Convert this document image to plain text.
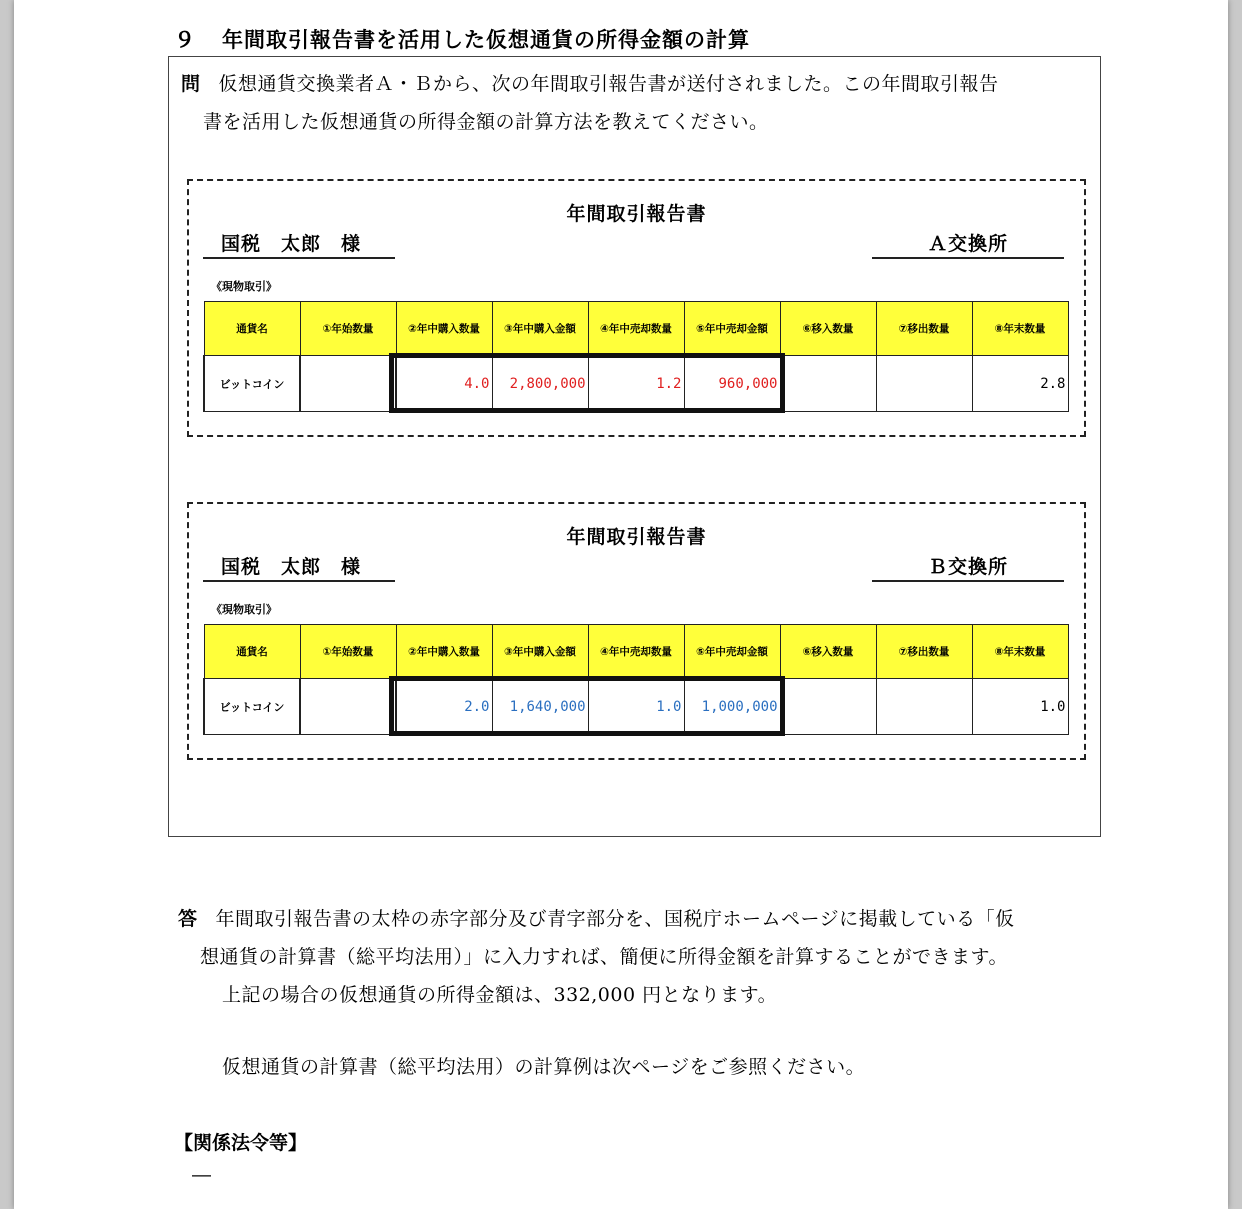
９ 年間取引報告書を活用した仮想通貨の所得金額の計算
問 仮想通貨交換業者Ａ・Ｂから、次の年間取引報告書が送付されました。この年間取引報告
書を活用した仮想通貨の所得金額の計算方法を教えてください。
年間取引報告書
国税　太郎　様	Ａ交換所
《現物取引》
通貨名	①年始数量	②年中購入数量	③年中購入金額	④年中売却数量	⑤年中売却金額	⑥移入数量	⑦移出数量	⑧年末数量
ビットコイン		4.0	2,800,000	1.2	960,000			2.8
年間取引報告書
国税　太郎　様	Ｂ交換所
《現物取引》
通貨名	①年始数量	②年中購入数量	③年中購入金額	④年中売却数量	⑤年中売却金額	⑥移入数量	⑦移出数量	⑧年末数量
ビットコイン		2.0	1,640,000	1.0	1,000,000			1.0
答 年間取引報告書の太枠の赤字部分及び青字部分を、国税庁ホームページに掲載している「仮
想通貨の計算書（総平均法用）」に入力すれば、簡便に所得金額を計算することができます。
上記の場合の仮想通貨の所得金額は、332,000 円となります。
仮想通貨の計算書（総平均法用）の計算例は次ページをご参照ください。
【関係法令等】
―
